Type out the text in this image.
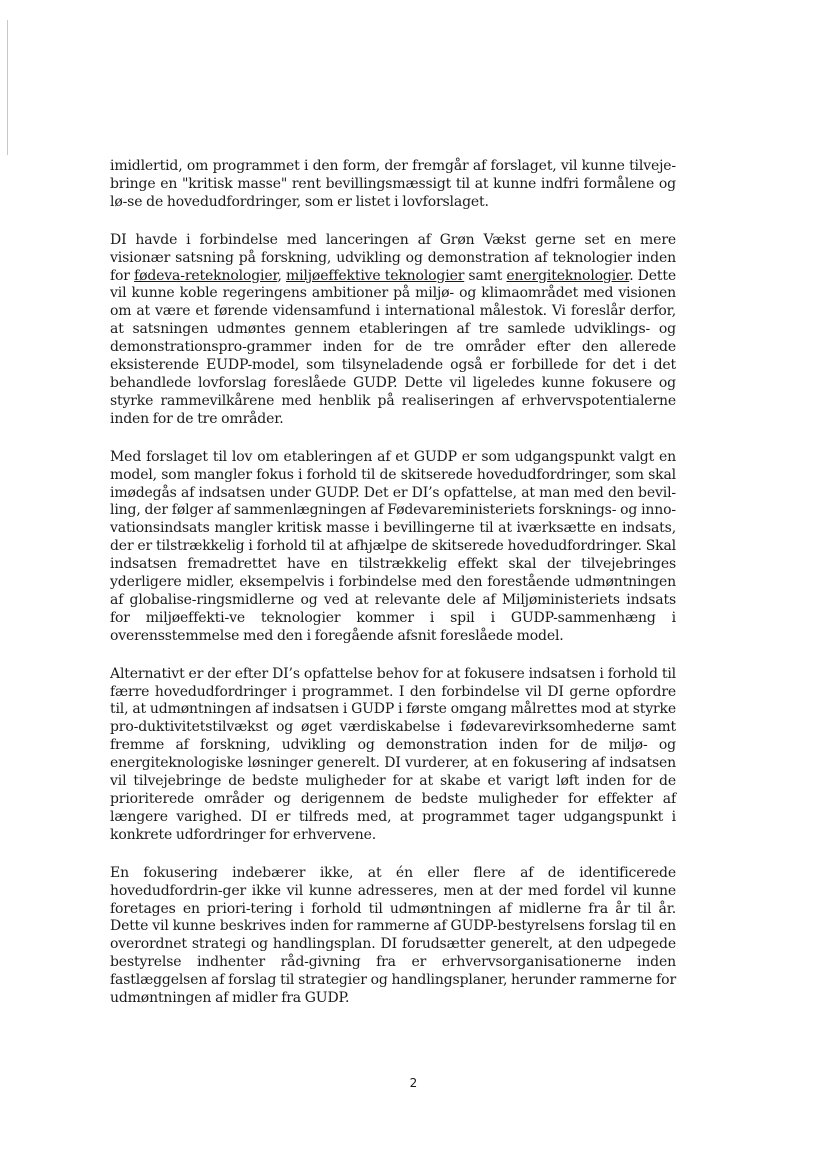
imidlertid, om programmet i den form, der fremgår af forslaget, vil kunne tilveje-bringe en "kritisk masse" rent bevillingsmæssigt til at kunne indfri formålene og lø-se de hovedudfordringer, som er listet i lovforslaget.

DI havde i forbindelse med lanceringen af Grøn Vækst gerne set en mere visionær satsning på forskning, udvikling og demonstration af teknologier inden for fødeva-reteknologier, miljøeffektive teknologier samt energiteknologier. Dette vil kunne koble regeringens ambitioner på miljø- og klimaområdet med visionen om at være et førende vidensamfund i international målestok. Vi foreslår derfor, at satsningen udmøntes gennem etableringen af tre samlede udviklings- og demonstrationspro-grammer inden for de tre områder efter den allerede eksisterende EUDP-model, som tilsyneladende også er forbillede for det i det behandlede lovforslag foreslåede GUDP. Dette vil ligeledes kunne fokusere og styrke rammevilkårene med henblik på realiseringen af erhvervspotentialerne inden for de tre områder.

Med forslaget til lov om etableringen af et GUDP er som udgangspunkt valgt en model, som mangler fokus i forhold til de skitserede hovedudfordringer, som skal imødegås af indsatsen under GUDP. Det er DI’s opfattelse, at man med den bevil-ling, der følger af sammenlægningen af Fødevareministeriets forsknings- og inno-vationsindsats mangler kritisk masse i bevillingerne til at iværksætte en indsats, der er tilstrækkelig i forhold til at afhjælpe de skitserede hovedudfordringer. Skal indsatsen fremadrettet have en tilstrækkelig effekt skal der tilvejebringes yderligere midler, eksempelvis i forbindelse med den forestående udmøntningen af globalise-ringsmidlerne og ved at relevante dele af Miljøministeriets indsats for miljøeffekti-ve teknologier kommer i spil i GUDP-sammenhæng i overensstemmelse med den i foregående afsnit foreslåede model.

Alternativt er der efter DI’s opfattelse behov for at fokusere indsatsen i forhold til færre hovedudfordringer i programmet. I den forbindelse vil DI gerne opfordre til, at udmøntningen af indsatsen i GUDP i første omgang målrettes mod at styrke pro-duktivitetstilvækst og øget værdiskabelse i fødevarevirksomhederne samt fremme af forskning, udvikling og demonstration inden for de miljø- og energiteknologiske løsninger generelt. DI vurderer, at en fokusering af indsatsen vil tilvejebringe de bedste muligheder for at skabe et varigt løft inden for de prioriterede områder og derigennem de bedste muligheder for effekter af længere varighed. DI er tilfreds med, at programmet tager udgangspunkt i konkrete udfordringer for erhvervene.

En fokusering indebærer ikke, at én eller flere af de identificerede hovedudfordrin-ger ikke vil kunne adresseres, men at der med fordel vil kunne foretages en priori-tering i forhold til udmøntningen af midlerne fra år til år. Dette vil kunne beskrives inden for rammerne af GUDP-bestyrelsens forslag til en overordnet strategi og handlingsplan. DI forudsætter generelt, at den udpegede bestyrelse indhenter råd-givning fra er erhvervsorganisationerne inden fastlæggelsen af forslag til strategier og handlingsplaner, herunder rammerne for udmøntningen af midler fra GUDP.

2
